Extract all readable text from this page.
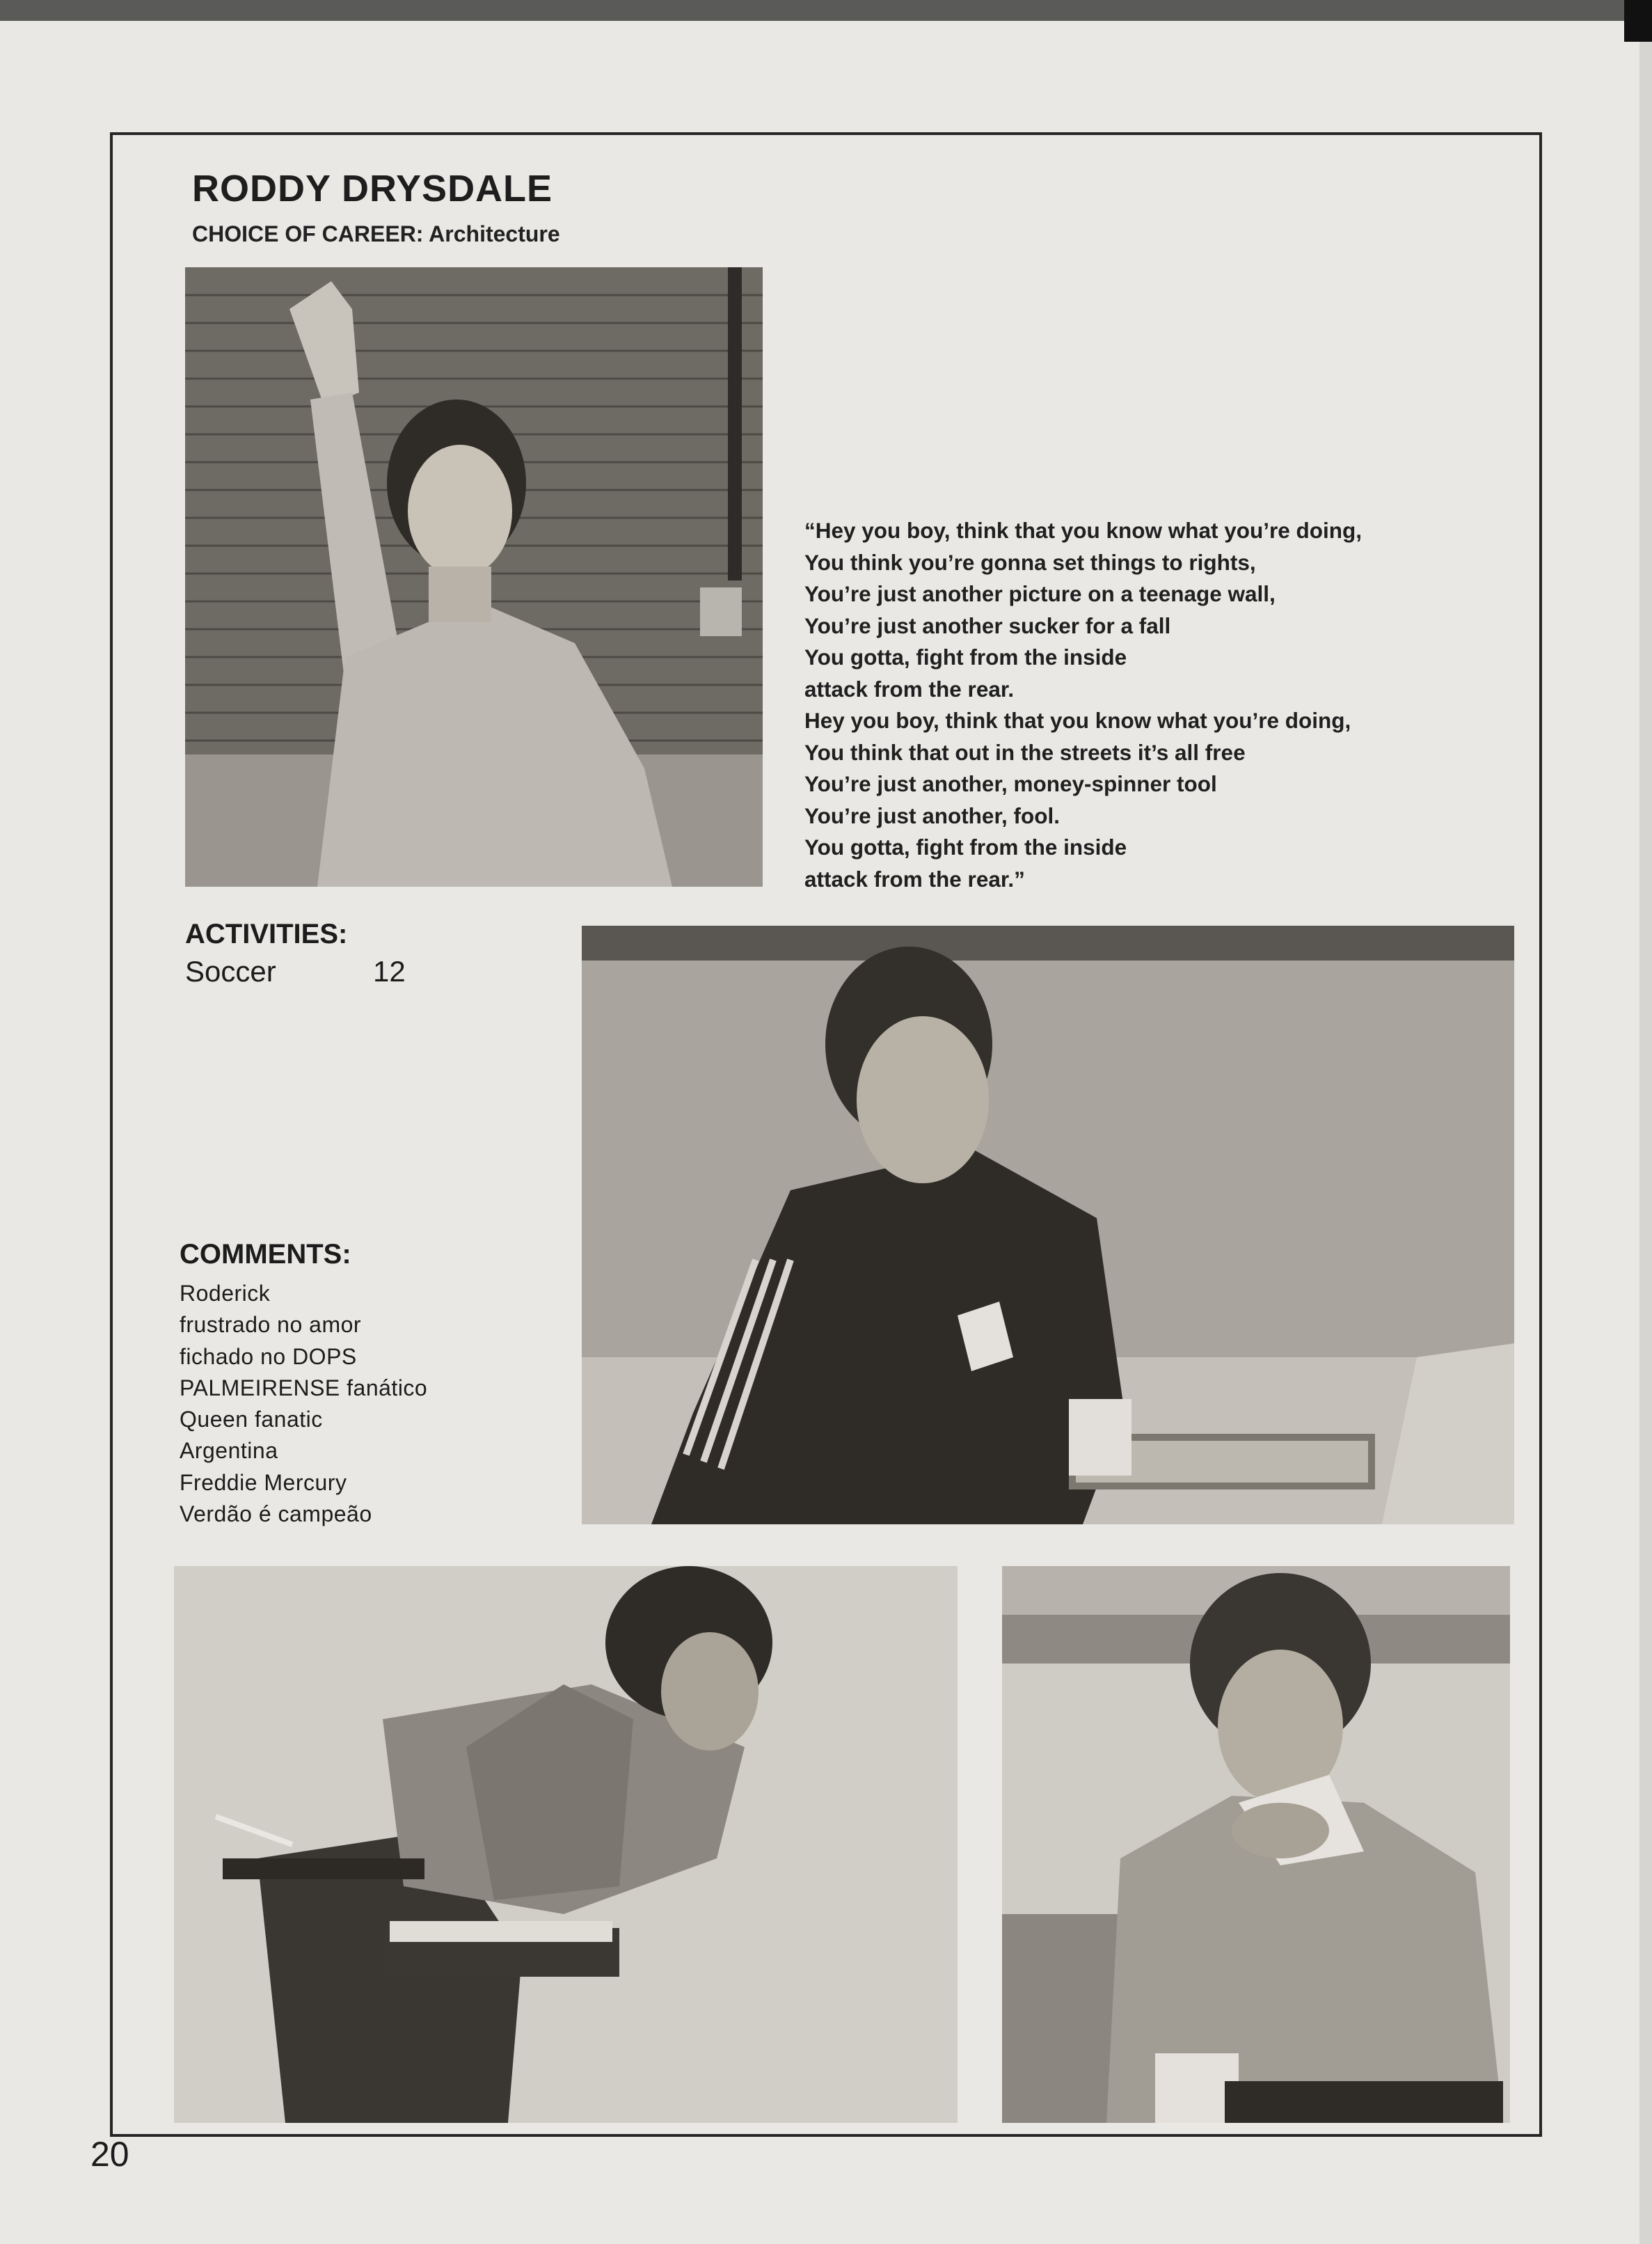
RODDY DRYSDALE
CHOICE OF CAREER: Architecture
“Hey you boy, think that you know what you’re doing,
You think you’re gonna set things to rights,
You’re just another picture on a teenage wall,
You’re just another sucker for a fall
You gotta, fight from the inside
attack from the rear.
Hey you boy, think that you know what you’re doing,
You think that out in the streets it’s all free
You’re just another, money-spinner tool
You’re just another, fool.
You gotta, fight from the inside
attack from the rear.”
ACTIVITIES:
Soccer	12
COMMENTS:
Roderick
frustrado no amor
fichado no DOPS
PALMEIRENSE fanático
Queen fanatic
Argentina
Freddie Mercury
Verdão é campeão
20
